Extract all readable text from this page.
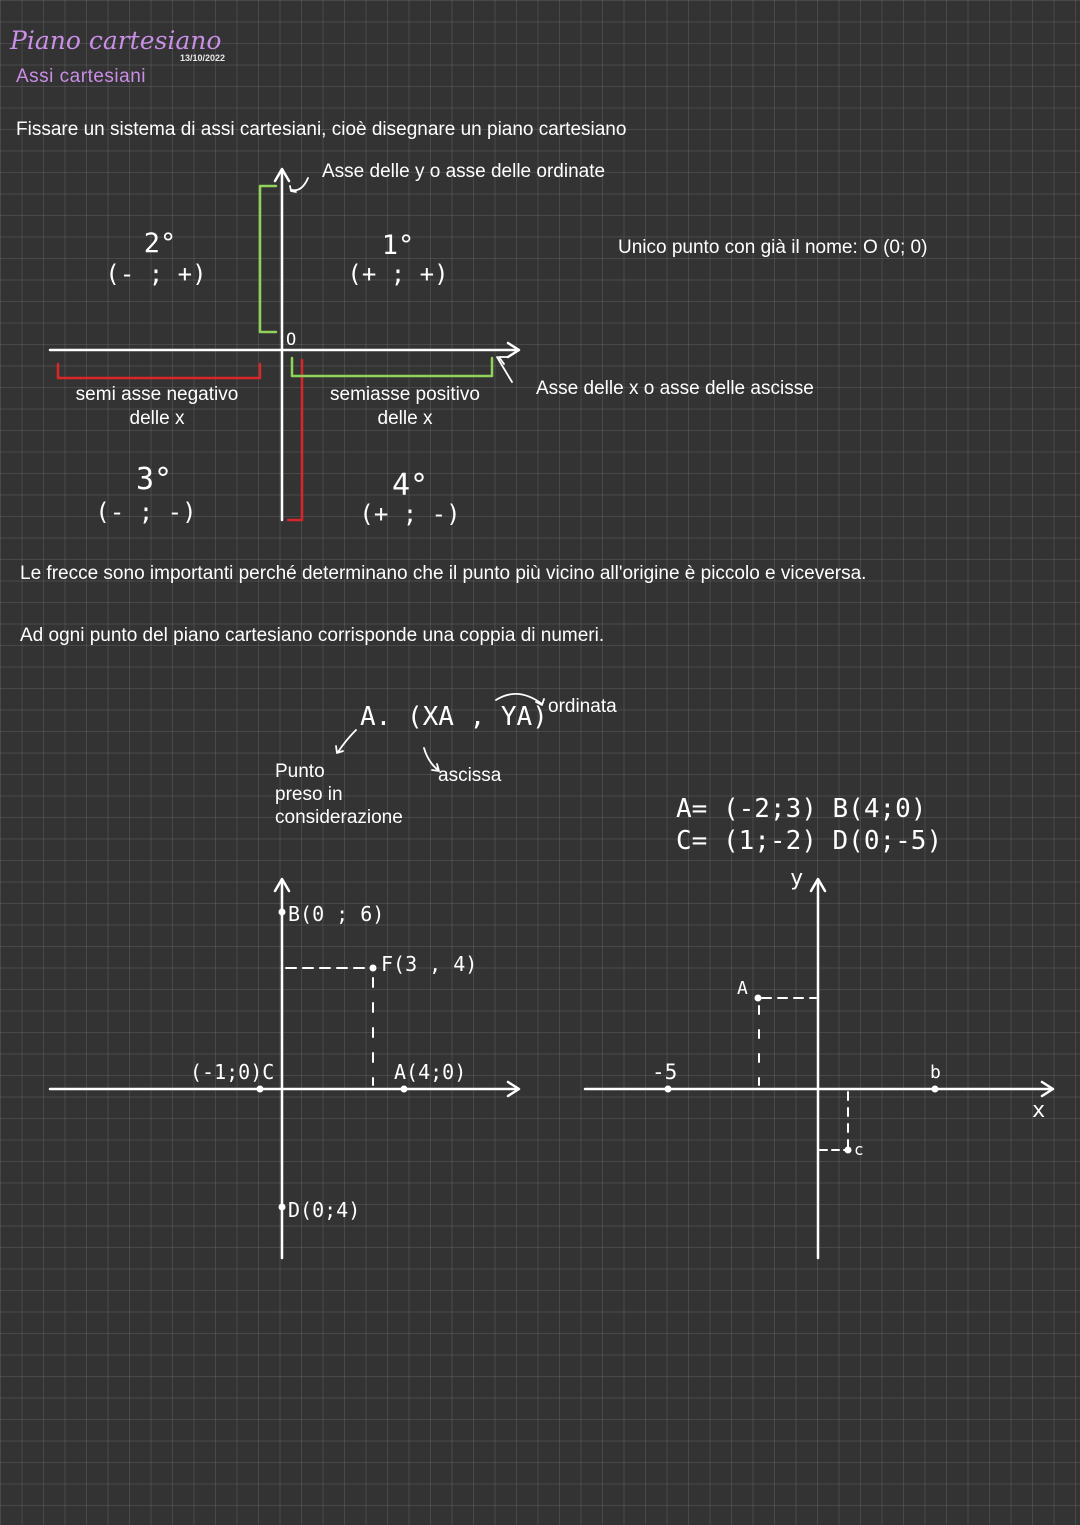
Piano cartesiano
13/10/2022
Assi cartesiani
Fissare un sistema di assi cartesiani, cioè disegnare un piano cartesiano
Asse delle y o asse delle ordinate
Unico punto con già il nome: O (0; 0)
O
Asse delle x o asse delle ascisse
2°
(- ; +)
1°
(+ ; +)
3°
(- ; -)
4°
(+ ; -)
semi asse negativo
delle x
semiasse positivo
delle x
Le frecce sono importanti perché determinano che il punto più vicino all'origine è piccolo e viceversa.
Ad ogni punto del piano cartesiano corrisponde una coppia di numeri.
A. (XA , YA) ordinata
ascissa
Punto
preso in
considerazione
B(0 ; 6)
F(3 , 4)
A(4;0)
(-1;0)C
D(0;4)
A= (-2;3) B(4;0)
C= (1;-2) D(0;-5)
y
x
-5
A
b
c
